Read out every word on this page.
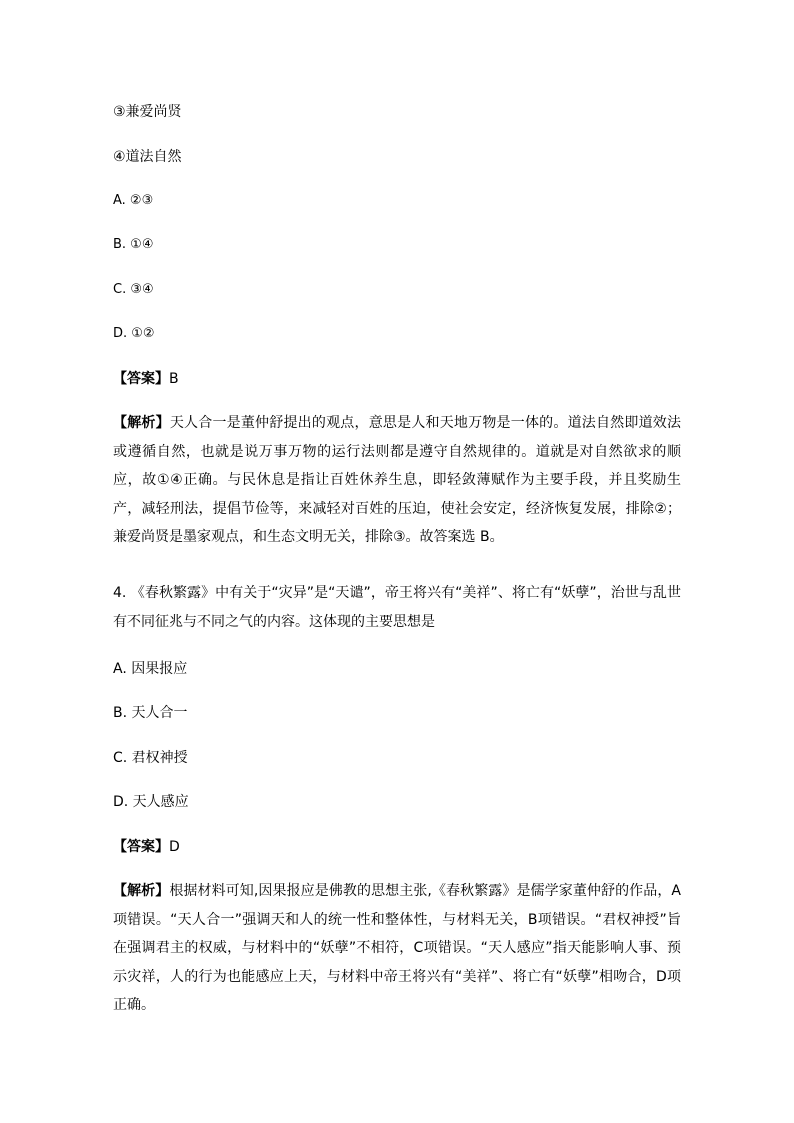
③兼爱尚贤
④道法自然
A. ②③
B. ①④
C. ③④
D. ①②
【答案】B
【解析】天人合一是董仲舒提出的观点，意思是人和天地万物是一体的。道法自然即道效法或遵循自然，也就是说万事万物的运行法则都是遵守自然规律的。道就是对自然欲求的顺应，故①④正确。与民休息是指让百姓休养生息，即轻敛薄赋作为主要手段，并且奖励生产，减轻刑法，提倡节俭等，来减轻对百姓的压迫，使社会安定，经济恢复发展，排除②；兼爱尚贤是墨家观点，和生态文明无关，排除③。故答案选 B。
4. 《春秋繁露》中有关于“灾异”是“天谴”，帝王将兴有“美祥”、将亡有“妖孽”，治世与乱世有不同征兆与不同之气的内容。这体现的主要思想是
A. 因果报应
B. 天人合一
C. 君权神授
D. 天人感应
【答案】D
【解析】根据材料可知,因果报应是佛教的思想主张,《春秋繁露》是儒学家董仲舒的作品，A项错误。“天人合一”强调天和人的统一性和整体性，与材料无关，B项错误。“君权神授”旨在强调君主的权威，与材料中的“妖孽”不相符，C项错误。“天人感应”指天能影响人事、预示灾祥，人的行为也能感应上天，与材料中帝王将兴有“美祥”、将亡有“妖孽”相吻合，D项正确。
